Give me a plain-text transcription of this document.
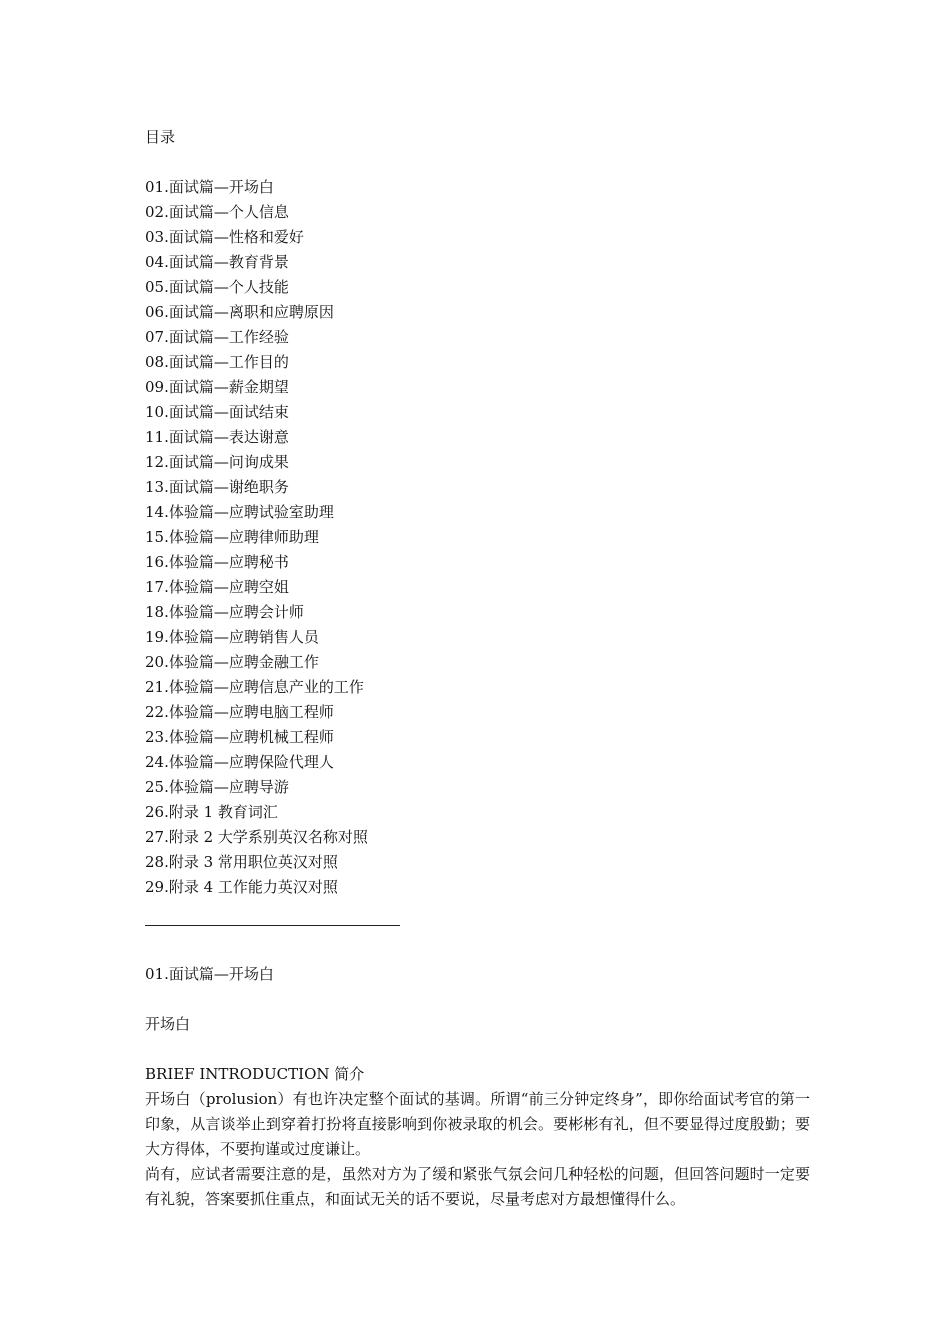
目录

01.面试篇—开场白
02.面试篇—个人信息
03.面试篇—性格和爱好
04.面试篇—教育背景
05.面试篇—个人技能
06.面试篇—离职和应聘原因
07.面试篇—工作经验
08.面试篇—工作目的
09.面试篇—薪金期望
10.面试篇—面试结束
11.面试篇—表达谢意
12.面试篇—问询成果
13.面试篇—谢绝职务
14.体验篇—应聘试验室助理
15.体验篇—应聘律师助理
16.体验篇—应聘秘书
17.体验篇—应聘空姐
18.体验篇—应聘会计师
19.体验篇—应聘销售人员
20.体验篇—应聘金融工作
21.体验篇—应聘信息产业的工作
22.体验篇—应聘电脑工程师
23.体验篇—应聘机械工程师
24.体验篇—应聘保险代理人
25.体验篇—应聘导游
26.附录 1 教育词汇
27.附录 2 大学系别英汉名称对照
28.附录 3 常用职位英汉对照
29.附录 4 工作能力英汉对照

01.面试篇—开场白

开场白

BRIEF INTRODUCTION 简介

开场白（prolusion）有也许决定整个面试的基调。所谓“前三分钟定终身”，即你给面试考官的第一印象，从言谈举止到穿着打扮将直接影响到你被录取的机会。要彬彬有礼，但不要显得过度殷勤；要大方得体，不要拘谨或过度谦让。

尚有，应试者需要注意的是，虽然对方为了缓和紧张气氛会问几种轻松的问题，但回答问题时一定要有礼貌，答案要抓住重点，和面试无关的话不要说，尽量考虑对方最想懂得什么。
